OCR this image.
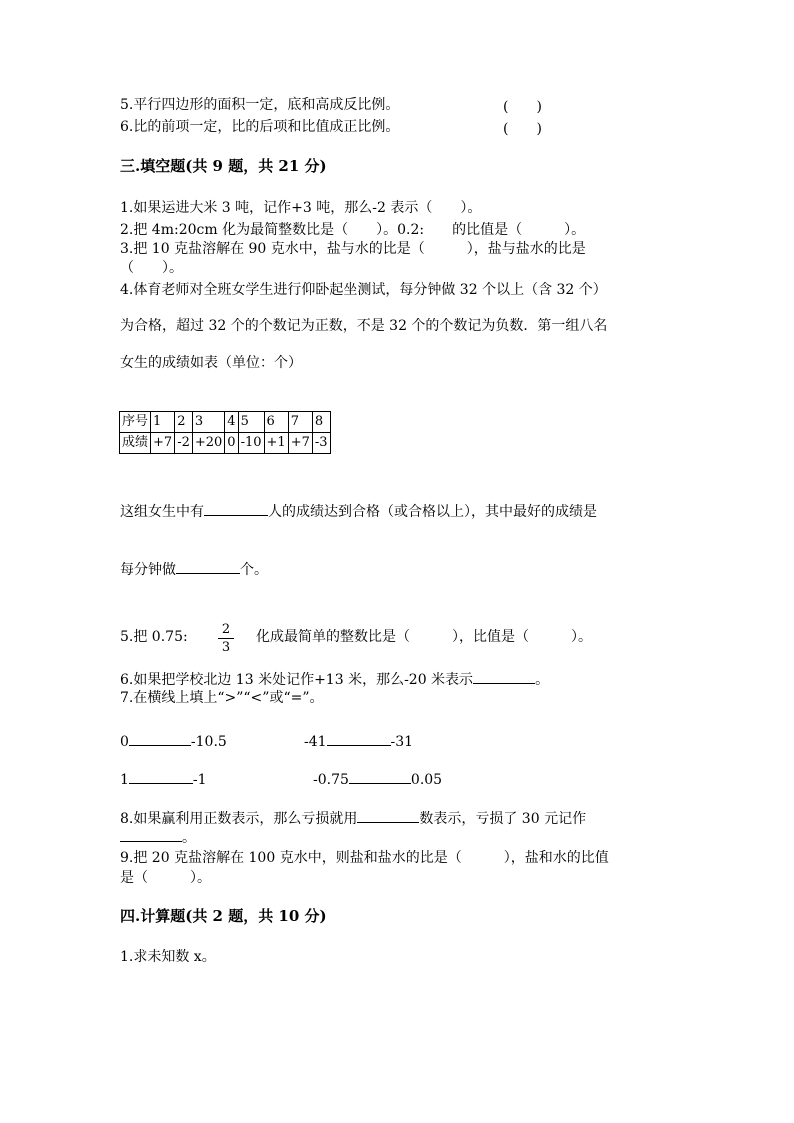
5.平行四边形的面积一定，底和高成反比例。	(　　)
6.比的前项一定，比的后项和比值成正比例。	(　　)
三.填空题(共 9 题，共 21 分)
1.如果运进大米 3 吨，记作+3 吨，那么-2 表示（　　）。
2.把 4m:20cm 化为最简整数比是（　　）。0.2:　　的比值是（　　　）。
3.把 10 克盐溶解在 90 克水中，盐与水的比是（　　　），盐与盐水的比是
（　　）。
4.体育老师对全班女学生进行仰卧起坐测试，每分钟做 32 个以上（含 32 个）
为合格，超过 32 个的个数记为正数，不是 32 个的个数记为负数．第一组八名
女生的成绩如表（单位：个）
序号	1	2	3	4	5	6	7	8
成绩	+7	-2	+20	0	-10	+1	+7	-3
这组女生中有	人的成绩达到合格（或合格以上），其中最好的成绩是
每分钟做	个。
5.把 0.75:	2
3
化成最简单的整数比是（　　　），比值是（　　　）。
6.如果把学校北边 13 米处记作+13 米，那么-20 米表示	。
7.在横线上填上“>”“<”或“=”。
0	-10.5	-41	-31
1	-1	-0.75	0.05
8.如果赢利用正数表示，那么亏损就用	数表示，亏损了 30 元记作
。
9.把 20 克盐溶解在 100 克水中，则盐和盐水的比是（　　　），盐和水的比值
是（　　　）。
四.计算题(共 2 题，共 10 分)
1.求未知数 x。
